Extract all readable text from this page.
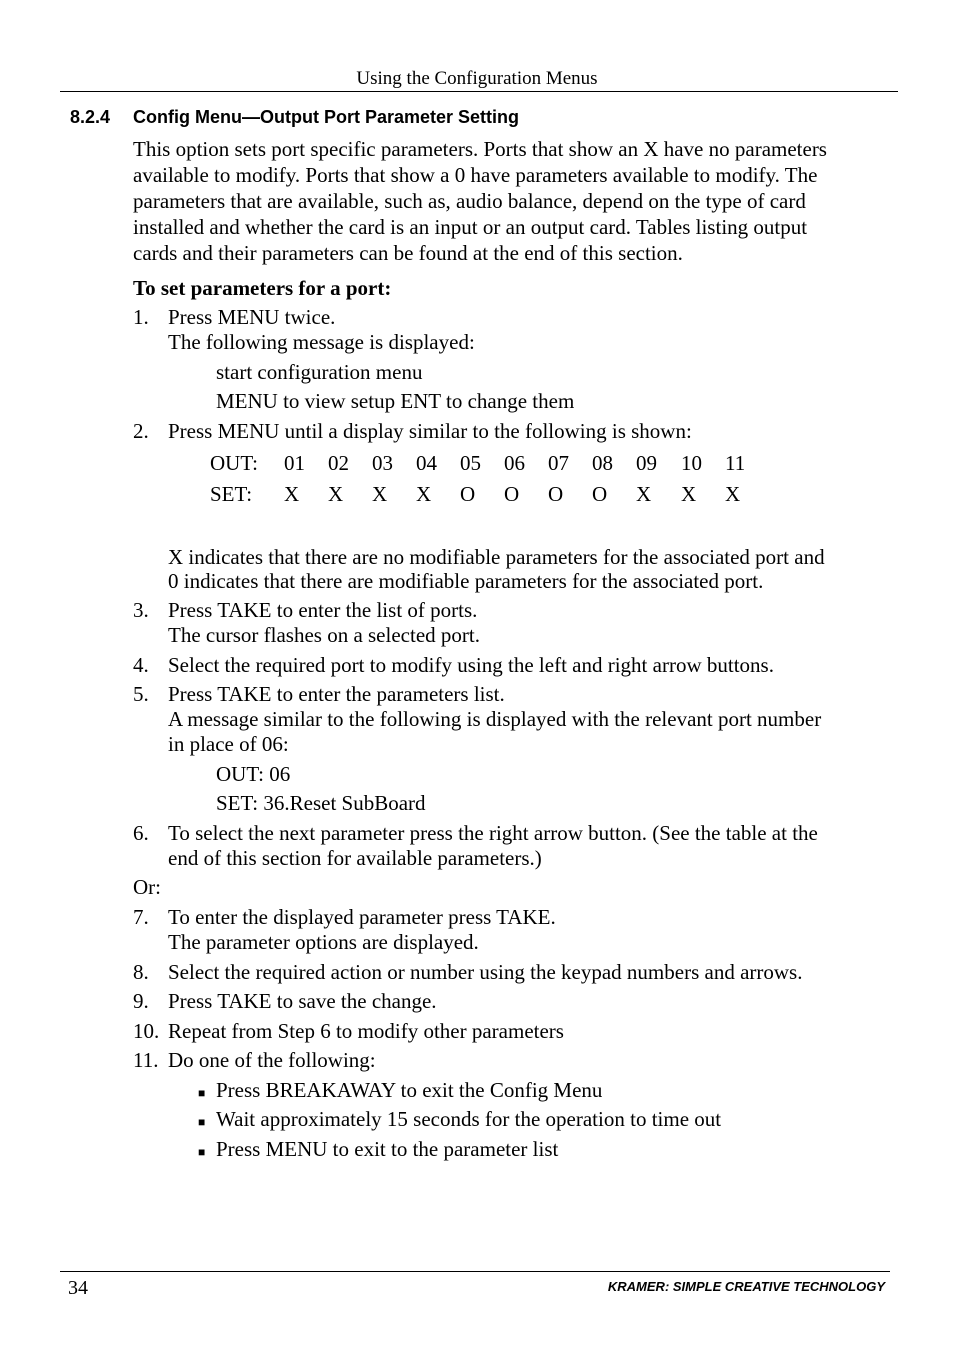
Using the Configuration Menus
8.2.4 Config Menu—Output Port Parameter Setting
This option sets port specific parameters. Ports that show an X have no parameters
available to modify. Ports that show a 0 have parameters available to modify. The
parameters that are available, such as, audio balance, depend on the type of card
installed and whether the card is an input or an output card. Tables listing output
cards and their parameters can be found at the end of this section.
To set parameters for a port:
1. Press MENU twice.
The following message is displayed:
start configuration menu
MENU to view setup ENT to change them
2. Press MENU until a display similar to the following is shown:
OUT: 01 02 03 04 05 06 07 08 09 10 11
SET: X X X X O O O O X X X
X indicates that there are no modifiable parameters for the associated port and
0 indicates that there are modifiable parameters for the associated port.
3. Press TAKE to enter the list of ports.
The cursor flashes on a selected port.
4. Select the required port to modify using the left and right arrow buttons.
5. Press TAKE to enter the parameters list.
A message similar to the following is displayed with the relevant port number
in place of 06:
OUT: 06
SET: 36.Reset SubBoard
6. To select the next parameter press the right arrow button. (See the table at the
end of this section for available parameters.)
Or:
7. To enter the displayed parameter press TAKE.
The parameter options are displayed.
8. Select the required action or number using the keypad numbers and arrows.
9. Press TAKE to save the change.
10. Repeat from Step 6 to modify other parameters
11. Do one of the following:
■ Press BREAKAWAY to exit the Config Menu
■ Wait approximately 15 seconds for the operation to time out
■ Press MENU to exit to the parameter list
34	KRAMER: SIMPLE CREATIVE TECHNOLOGY
